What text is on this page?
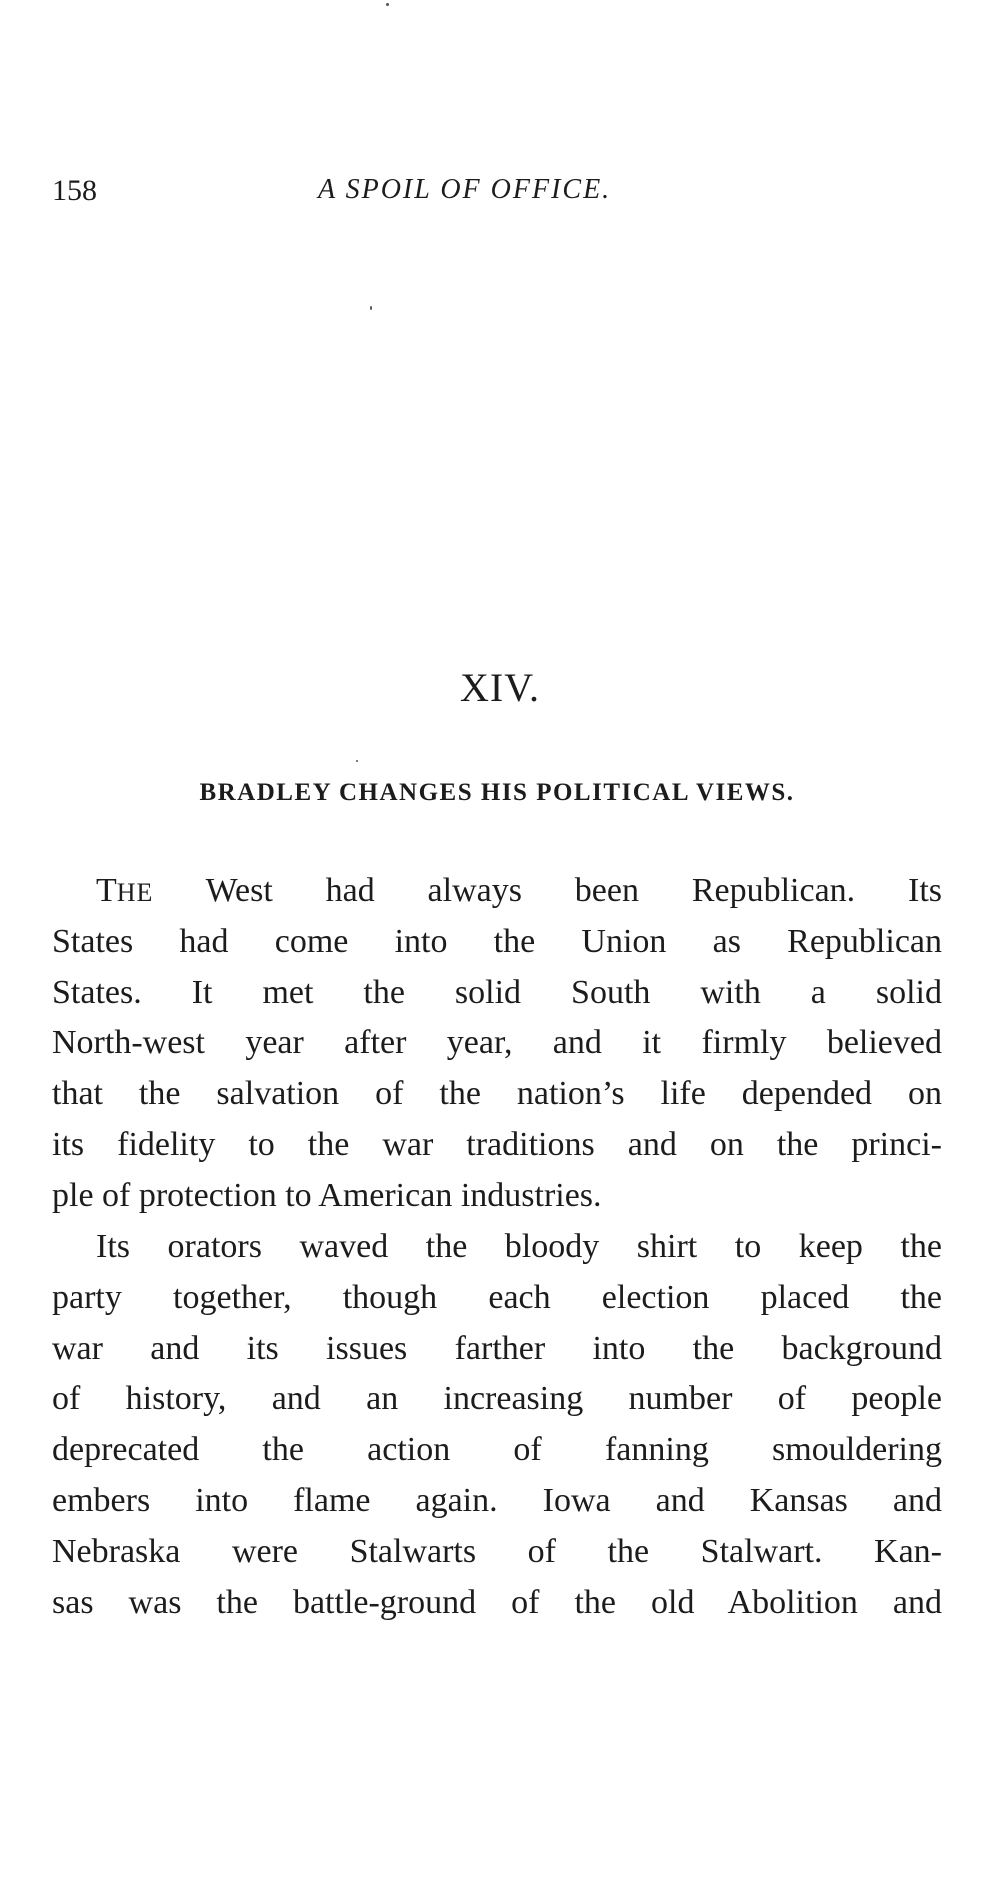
158	A SPOIL OF OFFICE.
XIV.
BRADLEY CHANGES HIS POLITICAL VIEWS.
THE West had always been Republican. Its
States had come into the Union as Republican
States. It met the solid South with a solid
North-west year after year, and it firmly believed
that the salvation of the nation’s life depended on
its fidelity to the war traditions and on the princi-
ple of protection to American industries.
Its orators waved the bloody shirt to keep the
party together, though each election placed the
war and its issues farther into the background
of history, and an increasing number of people
deprecated the action of fanning smouldering
embers into flame again. Iowa and Kansas and
Nebraska were Stalwarts of the Stalwart. Kan-
sas was the battle-ground of the old Abolition and
